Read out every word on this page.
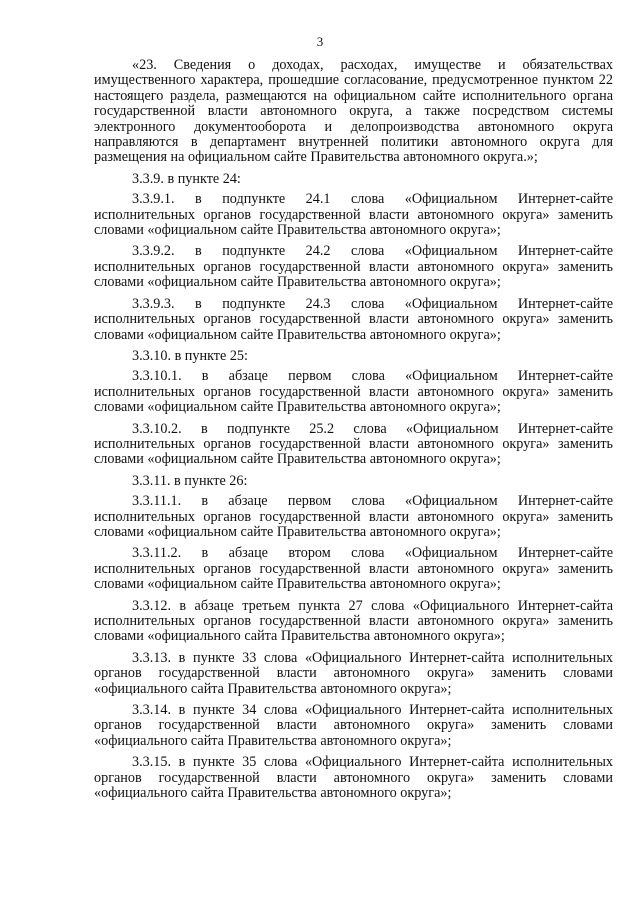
3

«23. Сведения о доходах, расходах, имуществе и обязательствах имущественного характера, прошедшие согласование, предусмотренное пунктом 22 настоящего раздела, размещаются на официальном сайте исполнительного органа государственной власти автономного округа, а также посредством системы электронного документооборота и делопроизводства автономного округа направляются в департамент внутренней политики автономного округа для размещения на официальном сайте Правительства автономного округа.»;

3.3.9. в пункте 24:

3.3.9.1. в подпункте 24.1 слова «Официальном Интернет-сайте исполнительных органов государственной власти автономного округа» заменить словами «официальном сайте Правительства автономного округа»;

3.3.9.2. в подпункте 24.2 слова «Официальном Интернет-сайте исполнительных органов государственной власти автономного округа» заменить словами «официальном сайте Правительства автономного округа»;

3.3.9.3. в подпункте 24.3 слова «Официальном Интернет-сайте исполнительных органов государственной власти автономного округа» заменить словами «официальном сайте Правительства автономного округа»;

3.3.10. в пункте 25:

3.3.10.1. в абзаце первом слова «Официальном Интернет-сайте исполнительных органов государственной власти автономного округа» заменить словами «официальном сайте Правительства автономного округа»;

3.3.10.2. в подпункте 25.2 слова «Официальном Интернет-сайте исполнительных органов государственной власти автономного округа» заменить словами «официальном сайте Правительства автономного округа»;

3.3.11. в пункте 26:

3.3.11.1. в абзаце первом слова «Официальном Интернет-сайте исполнительных органов государственной власти автономного округа» заменить словами «официальном сайте Правительства автономного округа»;

3.3.11.2. в абзаце втором слова «Официальном Интернет-сайте исполнительных органов государственной власти автономного округа» заменить словами «официальном сайте Правительства автономного округа»;

3.3.12. в абзаце третьем пункта 27 слова «Официального Интернет-сайта исполнительных органов государственной власти автономного округа» заменить словами «официального сайта Правительства автономного округа»;

3.3.13. в пункте 33 слова «Официального Интернет-сайта исполнительных органов государственной власти автономного округа» заменить словами «официального сайта Правительства автономного округа»;

3.3.14. в пункте 34 слова «Официального Интернет-сайта исполнительных органов государственной власти автономного округа» заменить словами «официального сайта Правительства автономного округа»;

3.3.15. в пункте 35 слова «Официального Интернет-сайта исполнительных органов государственной власти автономного округа» заменить словами «официального сайта Правительства автономного округа»;
